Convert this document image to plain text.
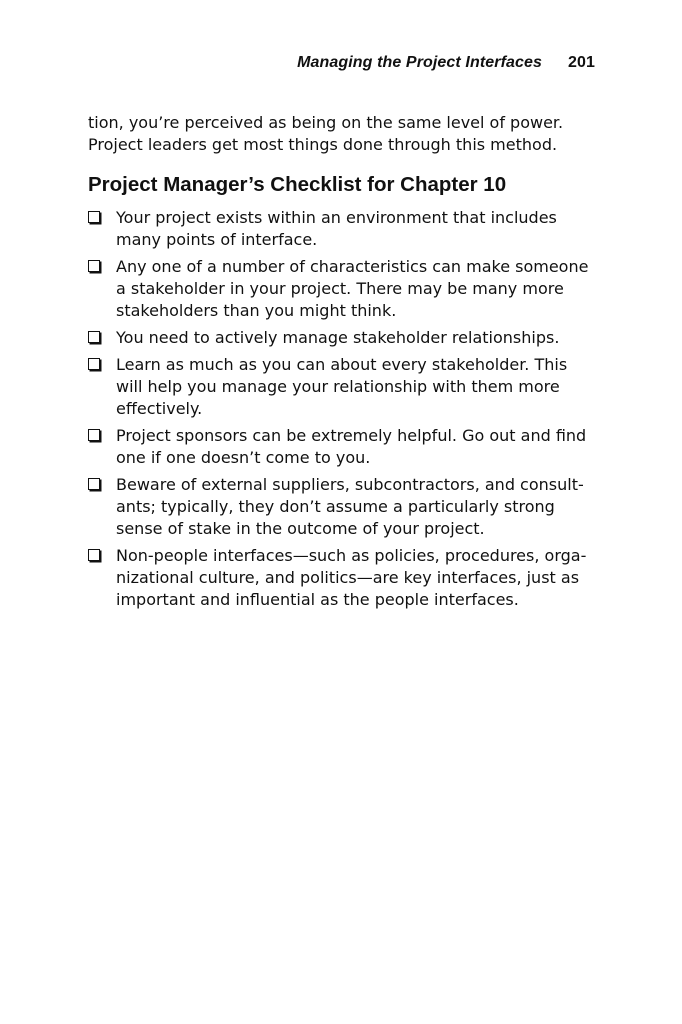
Managing the Project Interfaces 201

tion, you’re perceived as being on the same level of power.
Project leaders get most things done through this method.

Project Manager’s Checklist for Chapter 10
Your project exists within an environment that includes
many points of interface.
Any one of a number of characteristics can make someone
a stakeholder in your project. There may be many more
stakeholders than you might think.
You need to actively manage stakeholder relationships.
Learn as much as you can about every stakeholder. This
will help you manage your relationship with them more
effectively.
Project sponsors can be extremely helpful. Go out and find
one if one doesn’t come to you.
Beware of external suppliers, subcontractors, and consult-
ants; typically, they don’t assume a particularly strong
sense of stake in the outcome of your project.
Non-people interfaces—such as policies, procedures, orga-
nizational culture, and politics—are key interfaces, just as
important and influential as the people interfaces.
